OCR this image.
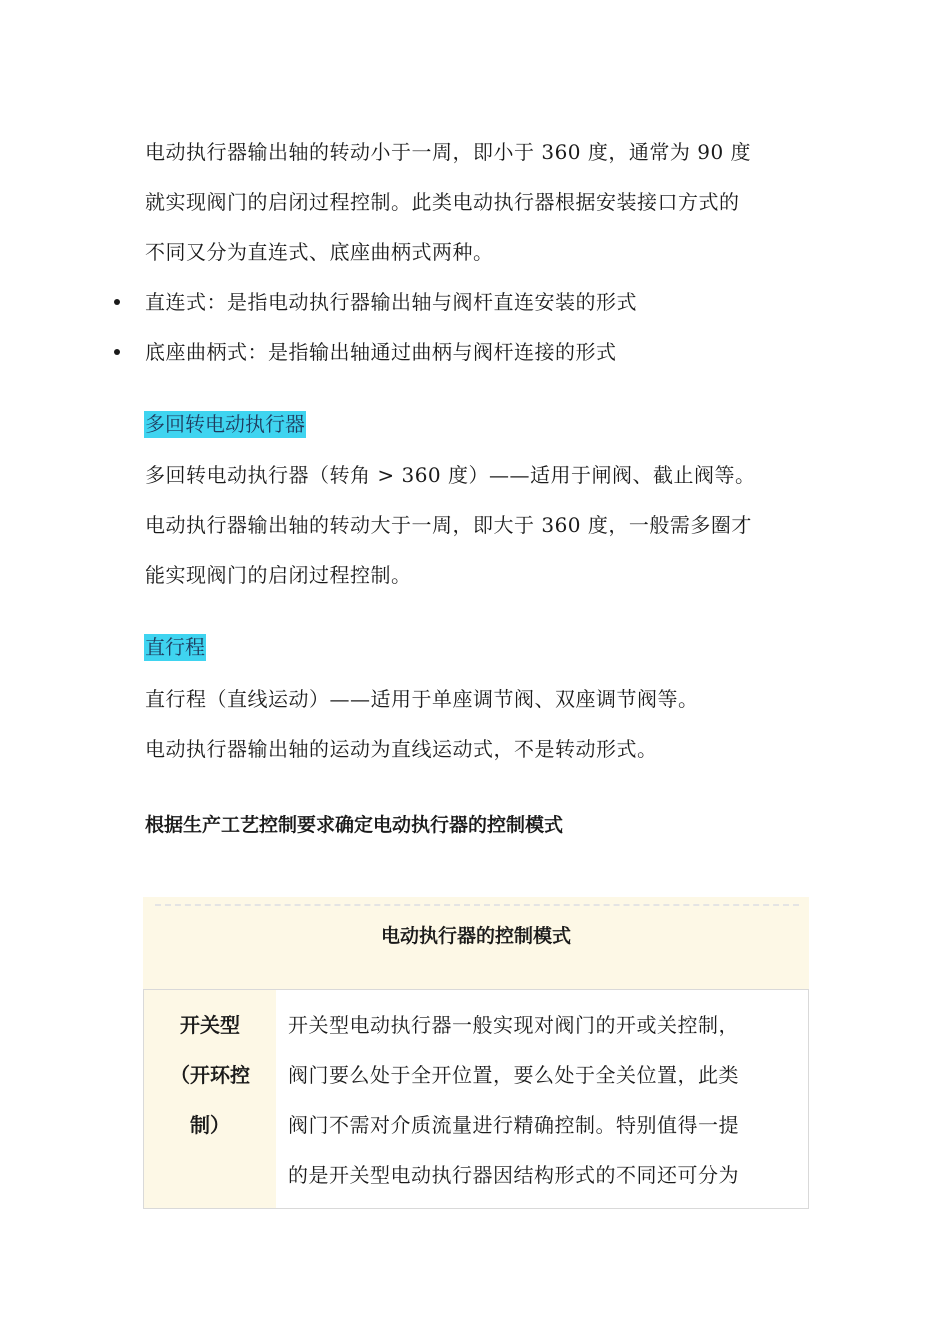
电动执行器输出轴的转动小于一周，即小于 360 度，通常为 90 度
就实现阀门的启闭过程控制。此类电动执行器根据安装接口方式的
不同又分为直连式、底座曲柄式两种。
直连式：是指电动执行器输出轴与阀杆直连安装的形式
底座曲柄式：是指输出轴通过曲柄与阀杆连接的形式
多回转电动执行器
多回转电动执行器（转角 > 360 度）——适用于闸阀、截止阀等。
电动执行器输出轴的转动大于一周，即大于 360 度，一般需多圈才
能实现阀门的启闭过程控制。
直行程
直行程（直线运动）——适用于单座调节阀、双座调节阀等。
电动执行器输出轴的运动为直线运动式，不是转动形式。
根据生产工艺控制要求确定电动执行器的控制模式
电动执行器的控制模式
开关型
（开环控
制）
开关型电动执行器一般实现对阀门的开或关控制，
阀门要么处于全开位置，要么处于全关位置，此类
阀门不需对介质流量进行精确控制。特别值得一提
的是开关型电动执行器因结构形式的不同还可分为
